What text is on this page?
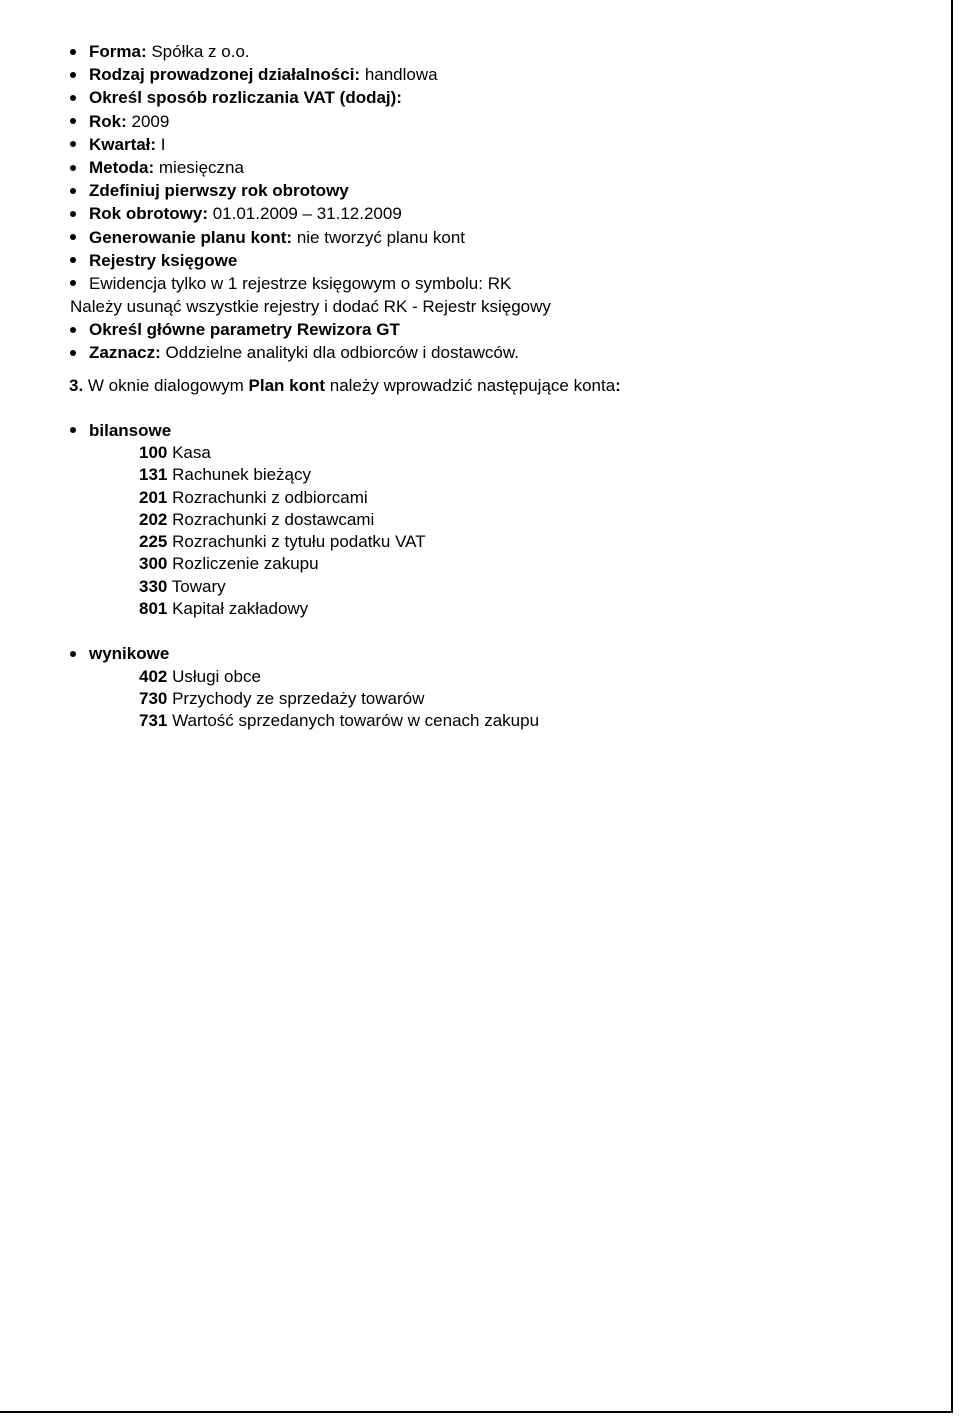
Forma: Spółka z o.o.
Rodzaj prowadzonej działalności: handlowa
Określ sposób rozliczania VAT (dodaj):
Rok: 2009
Kwartał: I
Metoda: miesięczna
Zdefiniuj pierwszy rok obrotowy
Rok obrotowy: 01.01.2009 – 31.12.2009
Generowanie planu kont: nie tworzyć planu kont
Rejestry księgowe
Ewidencja tylko w 1 rejestrze księgowym o symbolu: RK
Należy usunąć wszystkie rejestry i dodać RK - Rejestr księgowy
Określ główne parametry Rewizora GT
Zaznacz: Oddzielne analityki dla odbiorców i dostawców.
3. W oknie dialogowym Plan kont należy wprowadzić następujące konta:
bilansowe
100 Kasa
131 Rachunek bieżący
201 Rozrachunki z odbiorcami
202 Rozrachunki z dostawcami
225 Rozrachunki z tytułu podatku VAT
300 Rozliczenie zakupu
330 Towary
801 Kapitał zakładowy
wynikowe
402 Usługi obce
730 Przychody ze sprzedaży towarów
731 Wartość sprzedanych towarów w cenach zakupu
